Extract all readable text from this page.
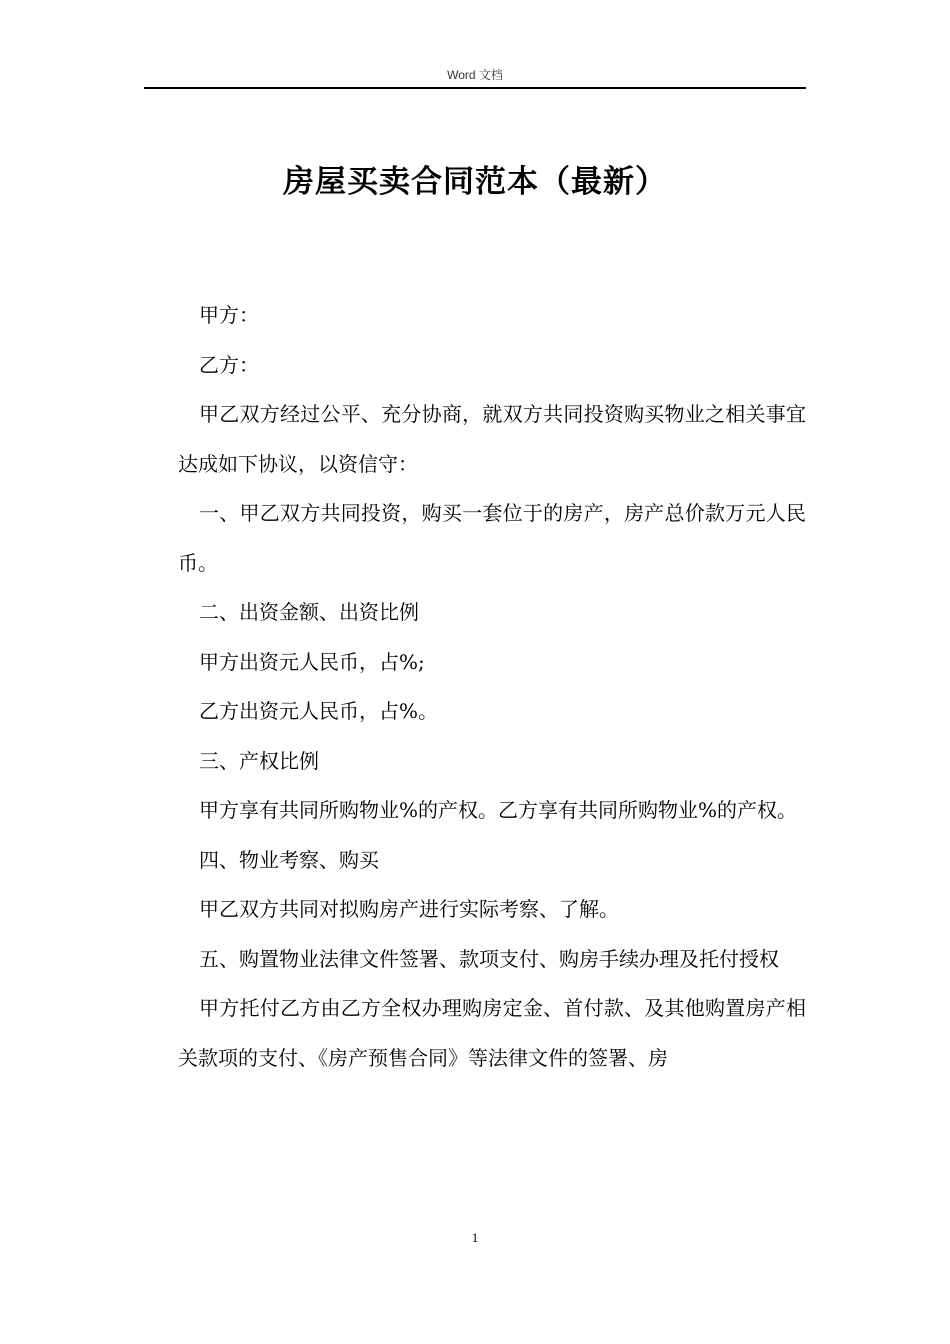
Word 文档
房屋买卖合同范本（最新）

甲方：

乙方：

甲乙双方经过公平、充分协商，就双方共同投资购买物业之相关事宜达成如下协议，以资信守：

一、甲乙双方共同投资，购买一套位于的房产，房产总价款万元人民币。

二、出资金额、出资比例

甲方出资元人民币，占%;

乙方出资元人民币，占%。

三、产权比例

甲方享有共同所购物业%的产权。乙方享有共同所购物业%的产权。

四、物业考察、购买

甲乙双方共同对拟购房产进行实际考察、了解。

五、购置物业法律文件签署、款项支付、购房手续办理及托付授权

甲方托付乙方由乙方全权办理购房定金、首付款、及其他购置房产相关款项的支付、《房产预售合同》等法律文件的签署、房

1
